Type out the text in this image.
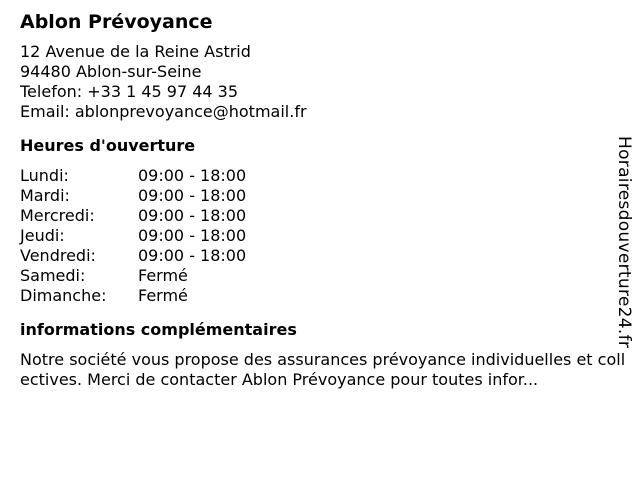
Ablon Prévoyance
12 Avenue de la Reine Astrid
94480 Ablon-sur-Seine
Telefon: +33 1 45 97 44 35
Email: ablonprevoyance@hotmail.fr
Heures d'ouverture
Lundi:	09:00 - 18:00
Mardi:	09:00 - 18:00
Mercredi:	09:00 - 18:00
Jeudi:	09:00 - 18:00
Vendredi:	09:00 - 18:00
Samedi:	Fermé
Dimanche:	Fermé
informations complémentaires
Notre société vous propose des assurances prévoyance individuelles et collectives. Merci de contacter Ablon Prévoyance pour toutes infor...
Horairesdouverture24.fr
